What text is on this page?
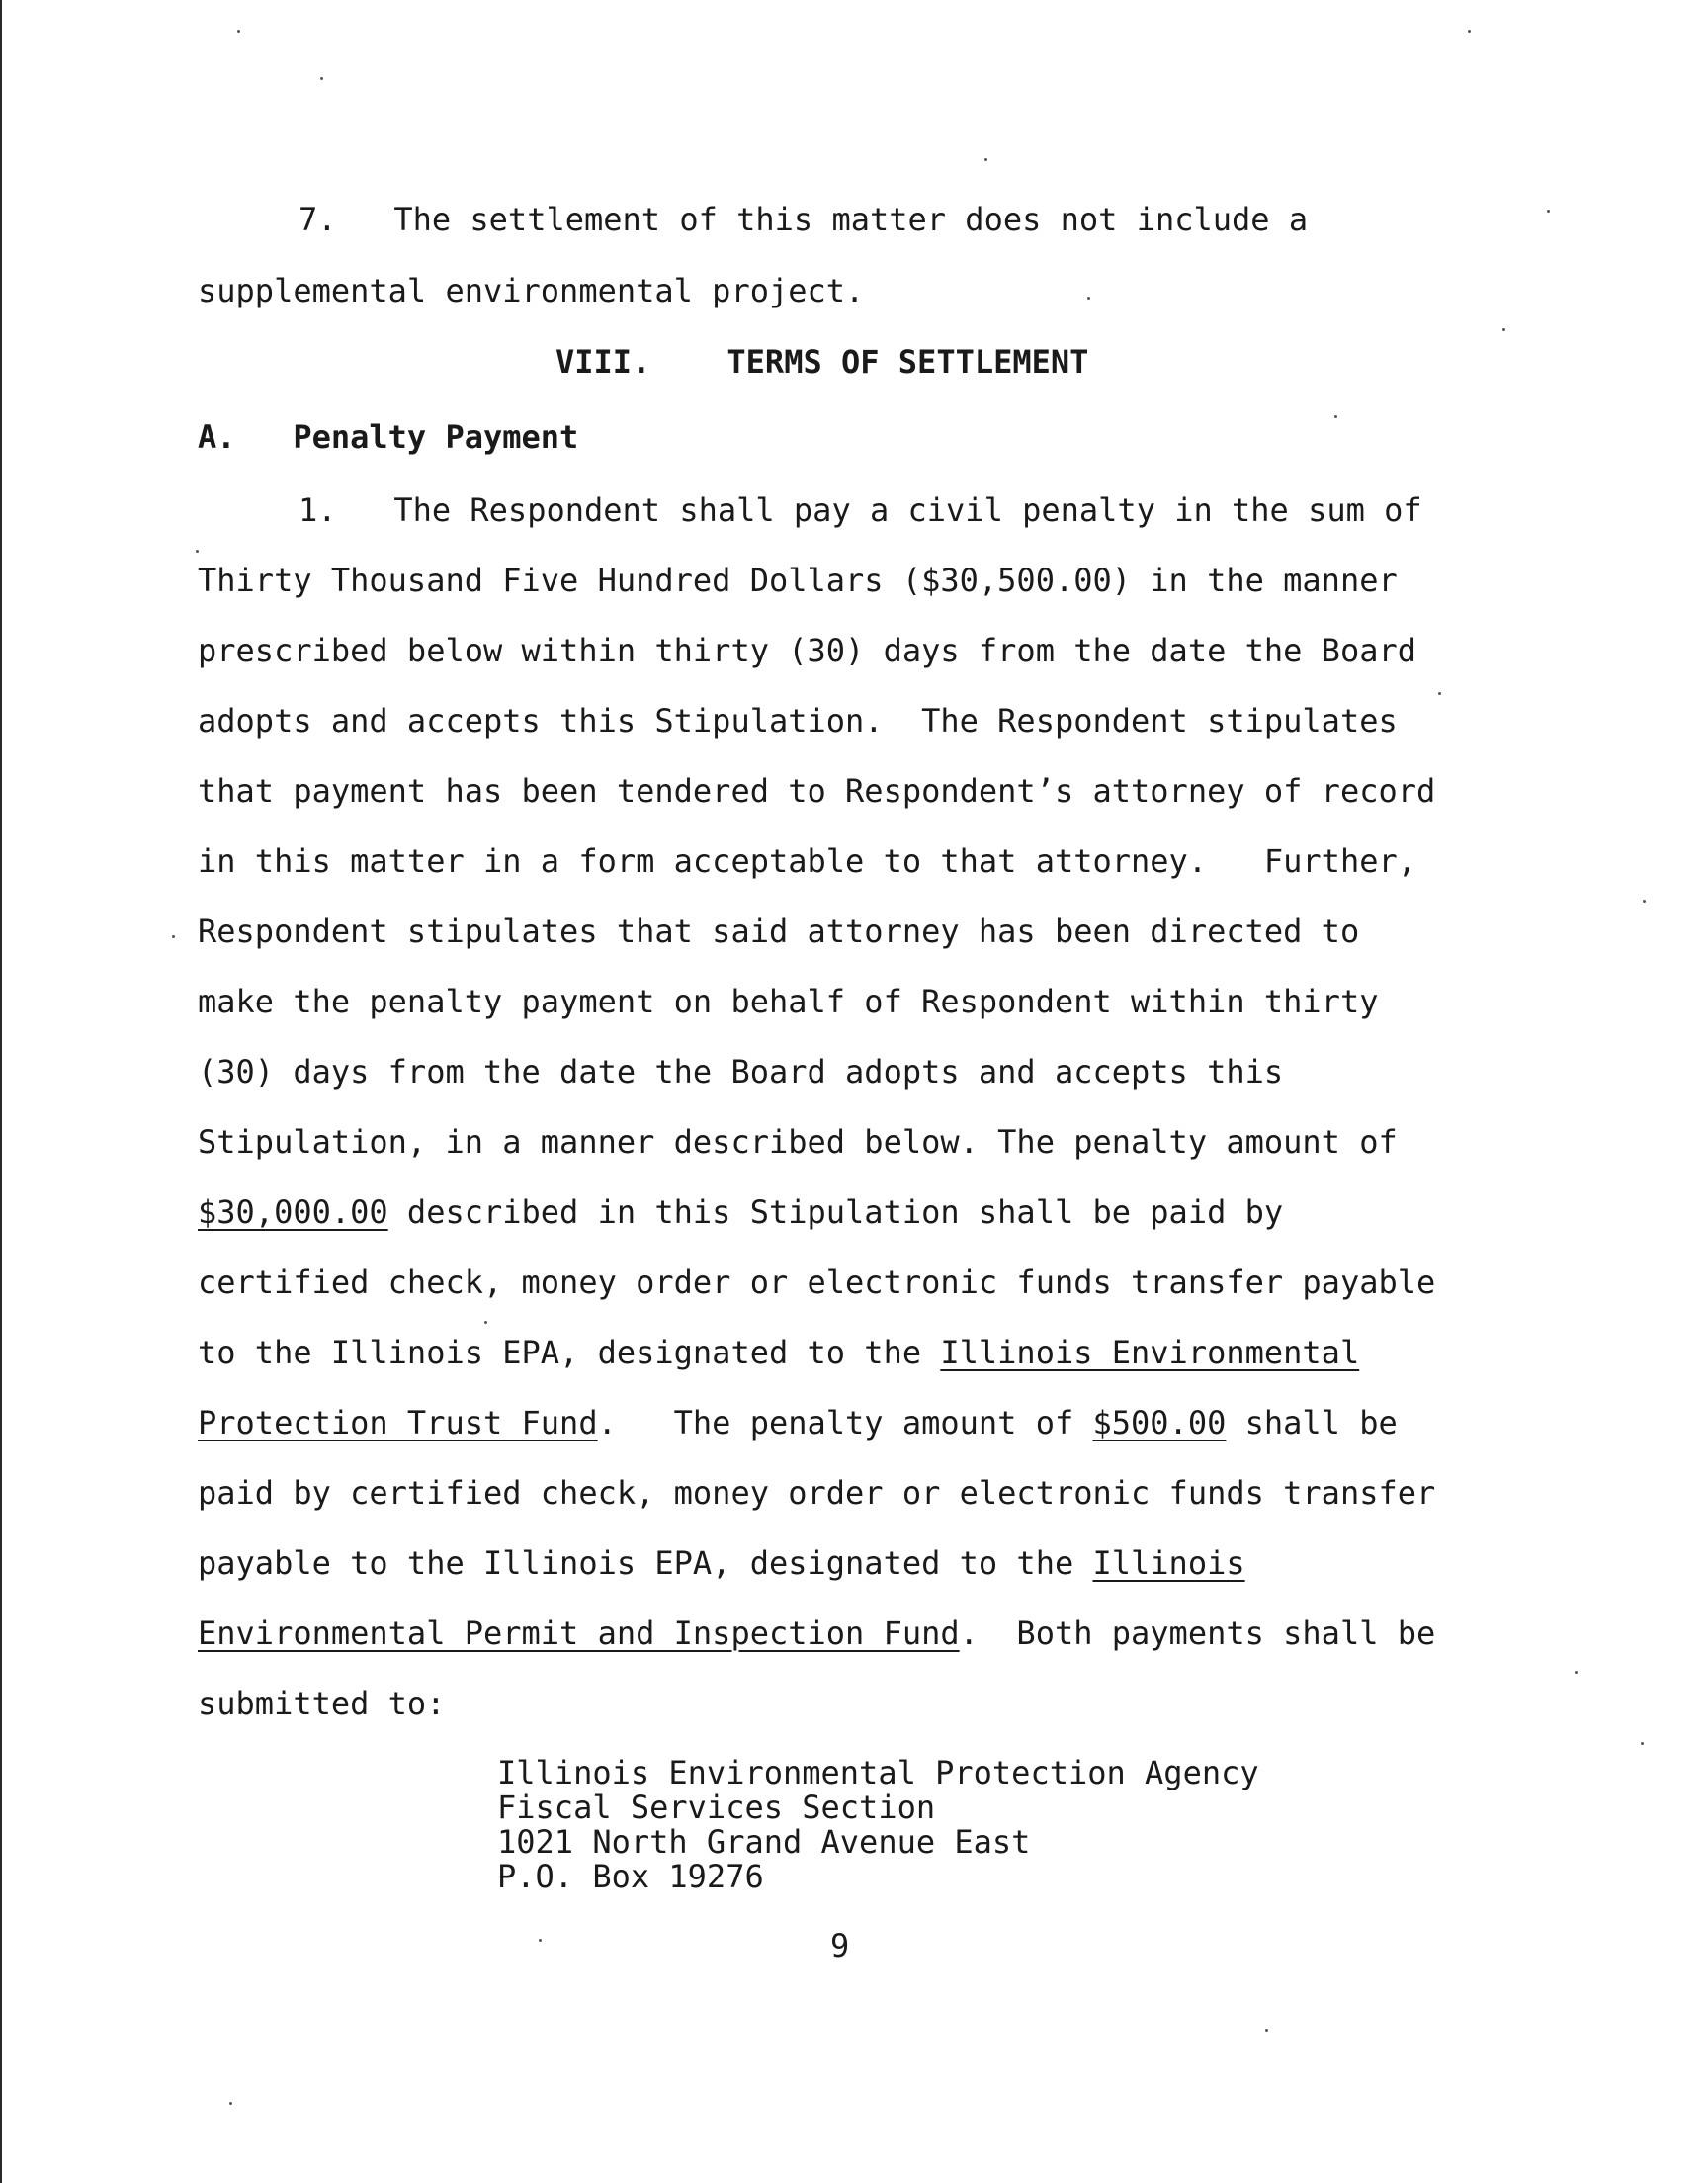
7. The settlement of this matter does not include a
supplemental environmental project.
VIII. TERMS OF SETTLEMENT
A. Penalty Payment
1. The Respondent shall pay a civil penalty in the sum of
Thirty Thousand Five Hundred Dollars ($30,500.00) in the manner
prescribed below within thirty (30) days from the date the Board
adopts and accepts this Stipulation.  The Respondent stipulates
that payment has been tendered to Respondent’s attorney of record
in this matter in a form acceptable to that attorney.   Further,
Respondent stipulates that said attorney has been directed to
make the penalty payment on behalf of Respondent within thirty
(30) days from the date the Board adopts and accepts this
Stipulation, in a manner described below. The penalty amount of
$30,000.00 described in this Stipulation shall be paid by
certified check, money order or electronic funds transfer payable
to the Illinois EPA, designated to the Illinois Environmental
Protection Trust Fund.   The penalty amount of $500.00 shall be
paid by certified check, money order or electronic funds transfer
payable to the Illinois EPA, designated to the Illinois
Environmental Permit and Inspection Fund.  Both payments shall be
submitted to:
Illinois Environmental Protection Agency
Fiscal Services Section
1021 North Grand Avenue East
P.O. Box 19276
9
